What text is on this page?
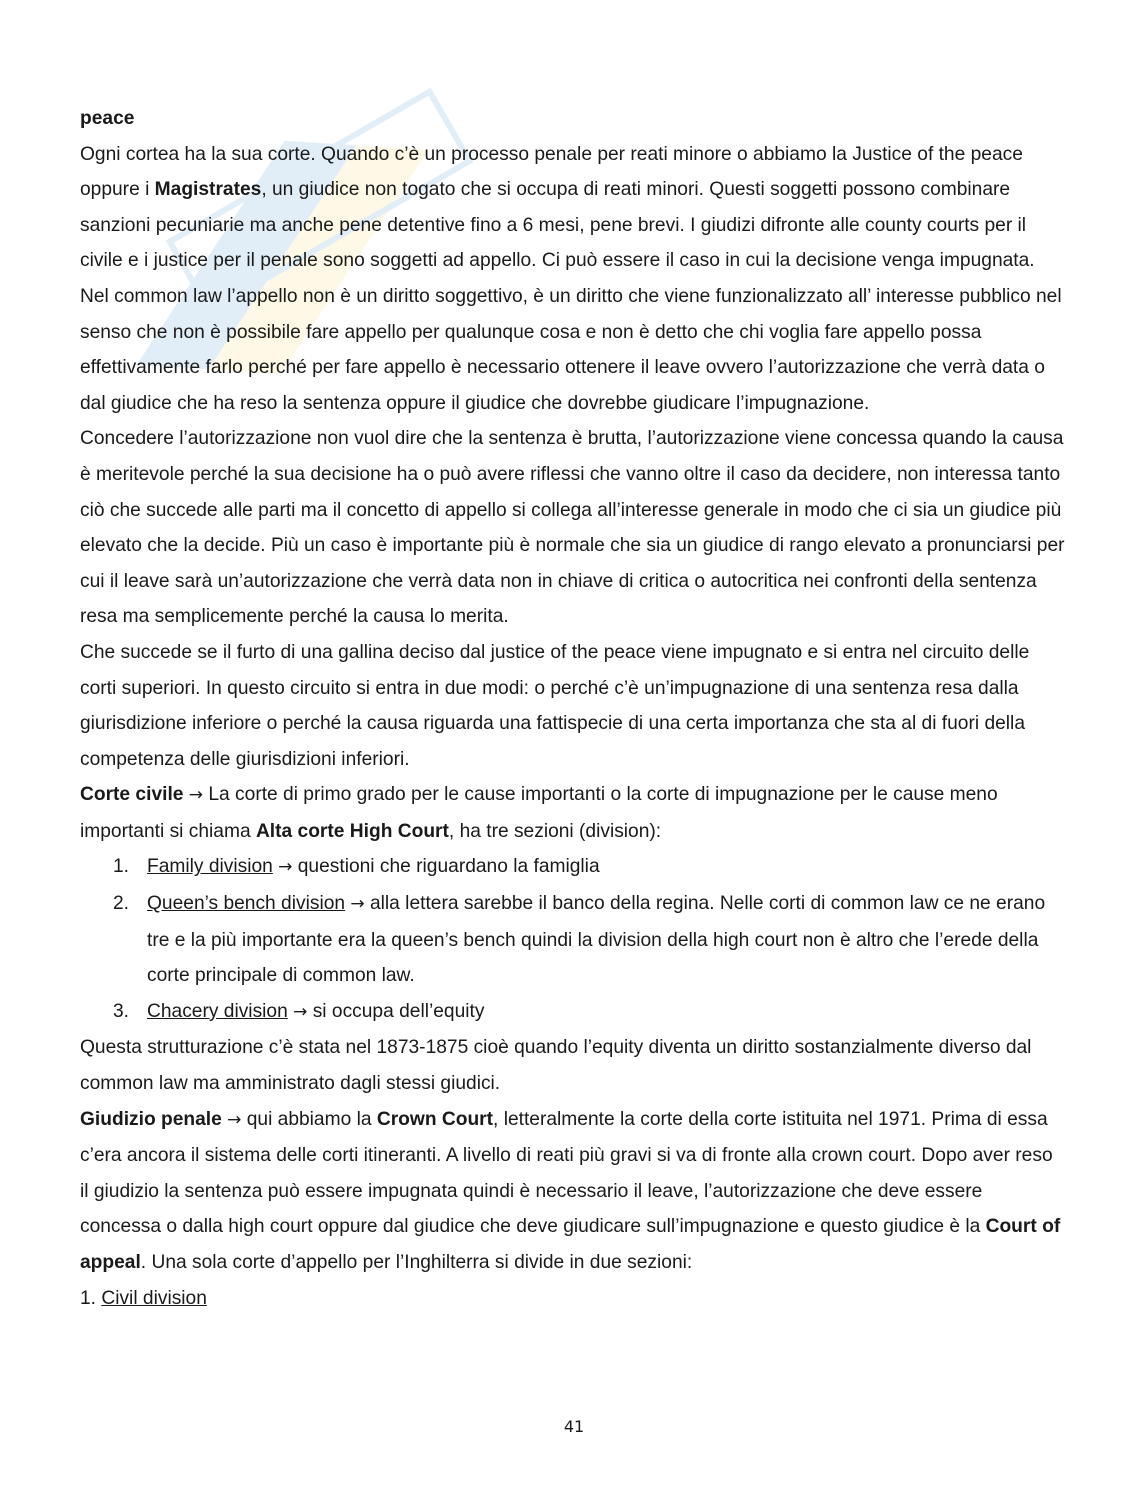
peace

Ogni cortea ha la sua corte. Quando c’è un processo penale per reati minore o abbiamo la Justice of the peace oppure i Magistrates, un giudice non togato che si occupa di reati minori. Questi soggetti possono combinare sanzioni pecuniarie ma anche pene detentive fino a 6 mesi, pene brevi. I giudizi difronte alle county courts per il civile e i justice per il penale sono soggetti ad appello. Ci può essere il caso in cui la decisione venga impugnata.

Nel common law l’appello non è un diritto soggettivo, è un diritto che viene funzionalizzato all’ interesse pubblico nel senso che non è possibile fare appello per qualunque cosa e non è detto che chi voglia fare appello possa effettivamente farlo perché per fare appello è necessario ottenere il leave ovvero l’autorizzazione che verrà data o dal giudice che ha reso la sentenza oppure il giudice che dovrebbe giudicare l’impugnazione.

Concedere l’autorizzazione non vuol dire che la sentenza è brutta, l’autorizzazione viene concessa quando la causa è meritevole perché la sua decisione ha o può avere riflessi che vanno oltre il caso da decidere, non interessa tanto ciò che succede alle parti ma il concetto di appello si collega all’interesse generale in modo che ci sia un giudice più elevato che la decide. Più un caso è importante più è normale che sia un giudice di rango elevato a pronunciarsi per cui il leave sarà un’autorizzazione che verrà data non in chiave di critica o autocritica nei confronti della sentenza resa ma semplicemente perché la causa lo merita.

Che succede se il furto di una gallina deciso dal justice of the peace viene impugnato e si entra nel circuito delle corti superiori. In questo circuito si entra in due modi: o perché c’è un’impugnazione di una sentenza resa dalla giurisdizione inferiore o perché la causa riguarda una fattispecie di una certa importanza che sta al di fuori della competenza delle giurisdizioni inferiori.

Corte civile → La corte di primo grado per le cause importanti o la corte di impugnazione per le cause meno importanti si chiama Alta corte High Court, ha tre sezioni (division):

1. Family division → questioni che riguardano la famiglia
2. Queen’s bench division → alla lettera sarebbe il banco della regina. Nelle corti di common law ce ne erano tre e la più importante era la queen’s bench quindi la division della high court non è altro che l’erede della corte principale di common law.
3. Chacery division → si occupa dell’equity

Questa strutturazione c’è stata nel 1873-1875 cioè quando l’equity diventa un diritto sostanzialmente diverso dal common law ma amministrato dagli stessi giudici.

Giudizio penale → qui abbiamo la Crown Court, letteralmente la corte della corte istituita nel 1971. Prima di essa c’era ancora il sistema delle corti itineranti. A livello di reati più gravi si va di fronte alla crown court. Dopo aver reso il giudizio la sentenza può essere impugnata quindi è necessario il leave, l’autorizzazione che deve essere concessa o dalla high court oppure dal giudice che deve giudicare sull’impugnazione e questo giudice è la Court of appeal. Una sola corte d’appello per l’Inghilterra si divide in due sezioni:

1. Civil division

41
